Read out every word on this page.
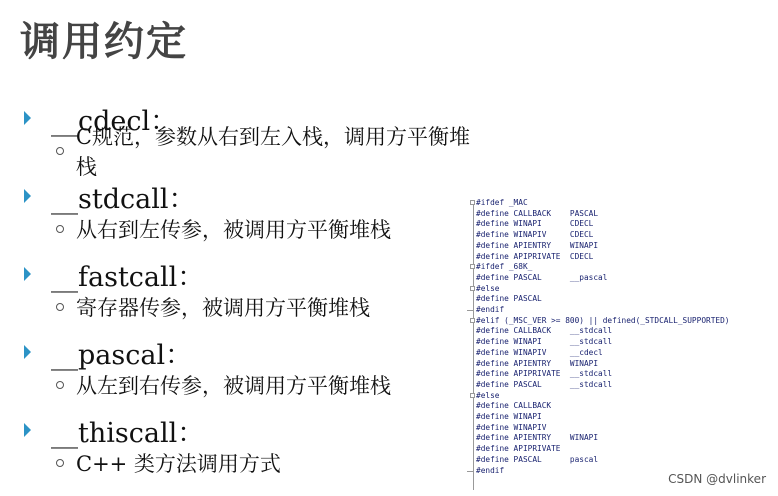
调用约定
__cdecl：
C规范，参数从右到左入栈，调用方平衡堆栈
__stdcall：
从右到左传参，被调用方平衡堆栈
__fastcall：
寄存器传参，被调用方平衡堆栈
__pascal：
从左到右传参，被调用方平衡堆栈
__thiscall：
C++ 类方法调用方式
#ifdef _MAC
#define CALLBACK    PASCAL
#define WINAPI      CDECL
#define WINAPIV     CDECL
#define APIENTRY    WINAPI
#define APIPRIVATE  CDECL
#ifdef _68K_
#define PASCAL      __pascal
#else
#define PASCAL
#endif
#elif (_MSC_VER >= 800) || defined(_STDCALL_SUPPORTED)
#define CALLBACK    __stdcall
#define WINAPI      __stdcall
#define WINAPIV     __cdecl
#define APIENTRY    WINAPI
#define APIPRIVATE  __stdcall
#define PASCAL      __stdcall
#else
#define CALLBACK
#define WINAPI
#define WINAPIV
#define APIENTRY    WINAPI
#define APIPRIVATE
#define PASCAL      pascal
#endif
CSDN @dvlinker
